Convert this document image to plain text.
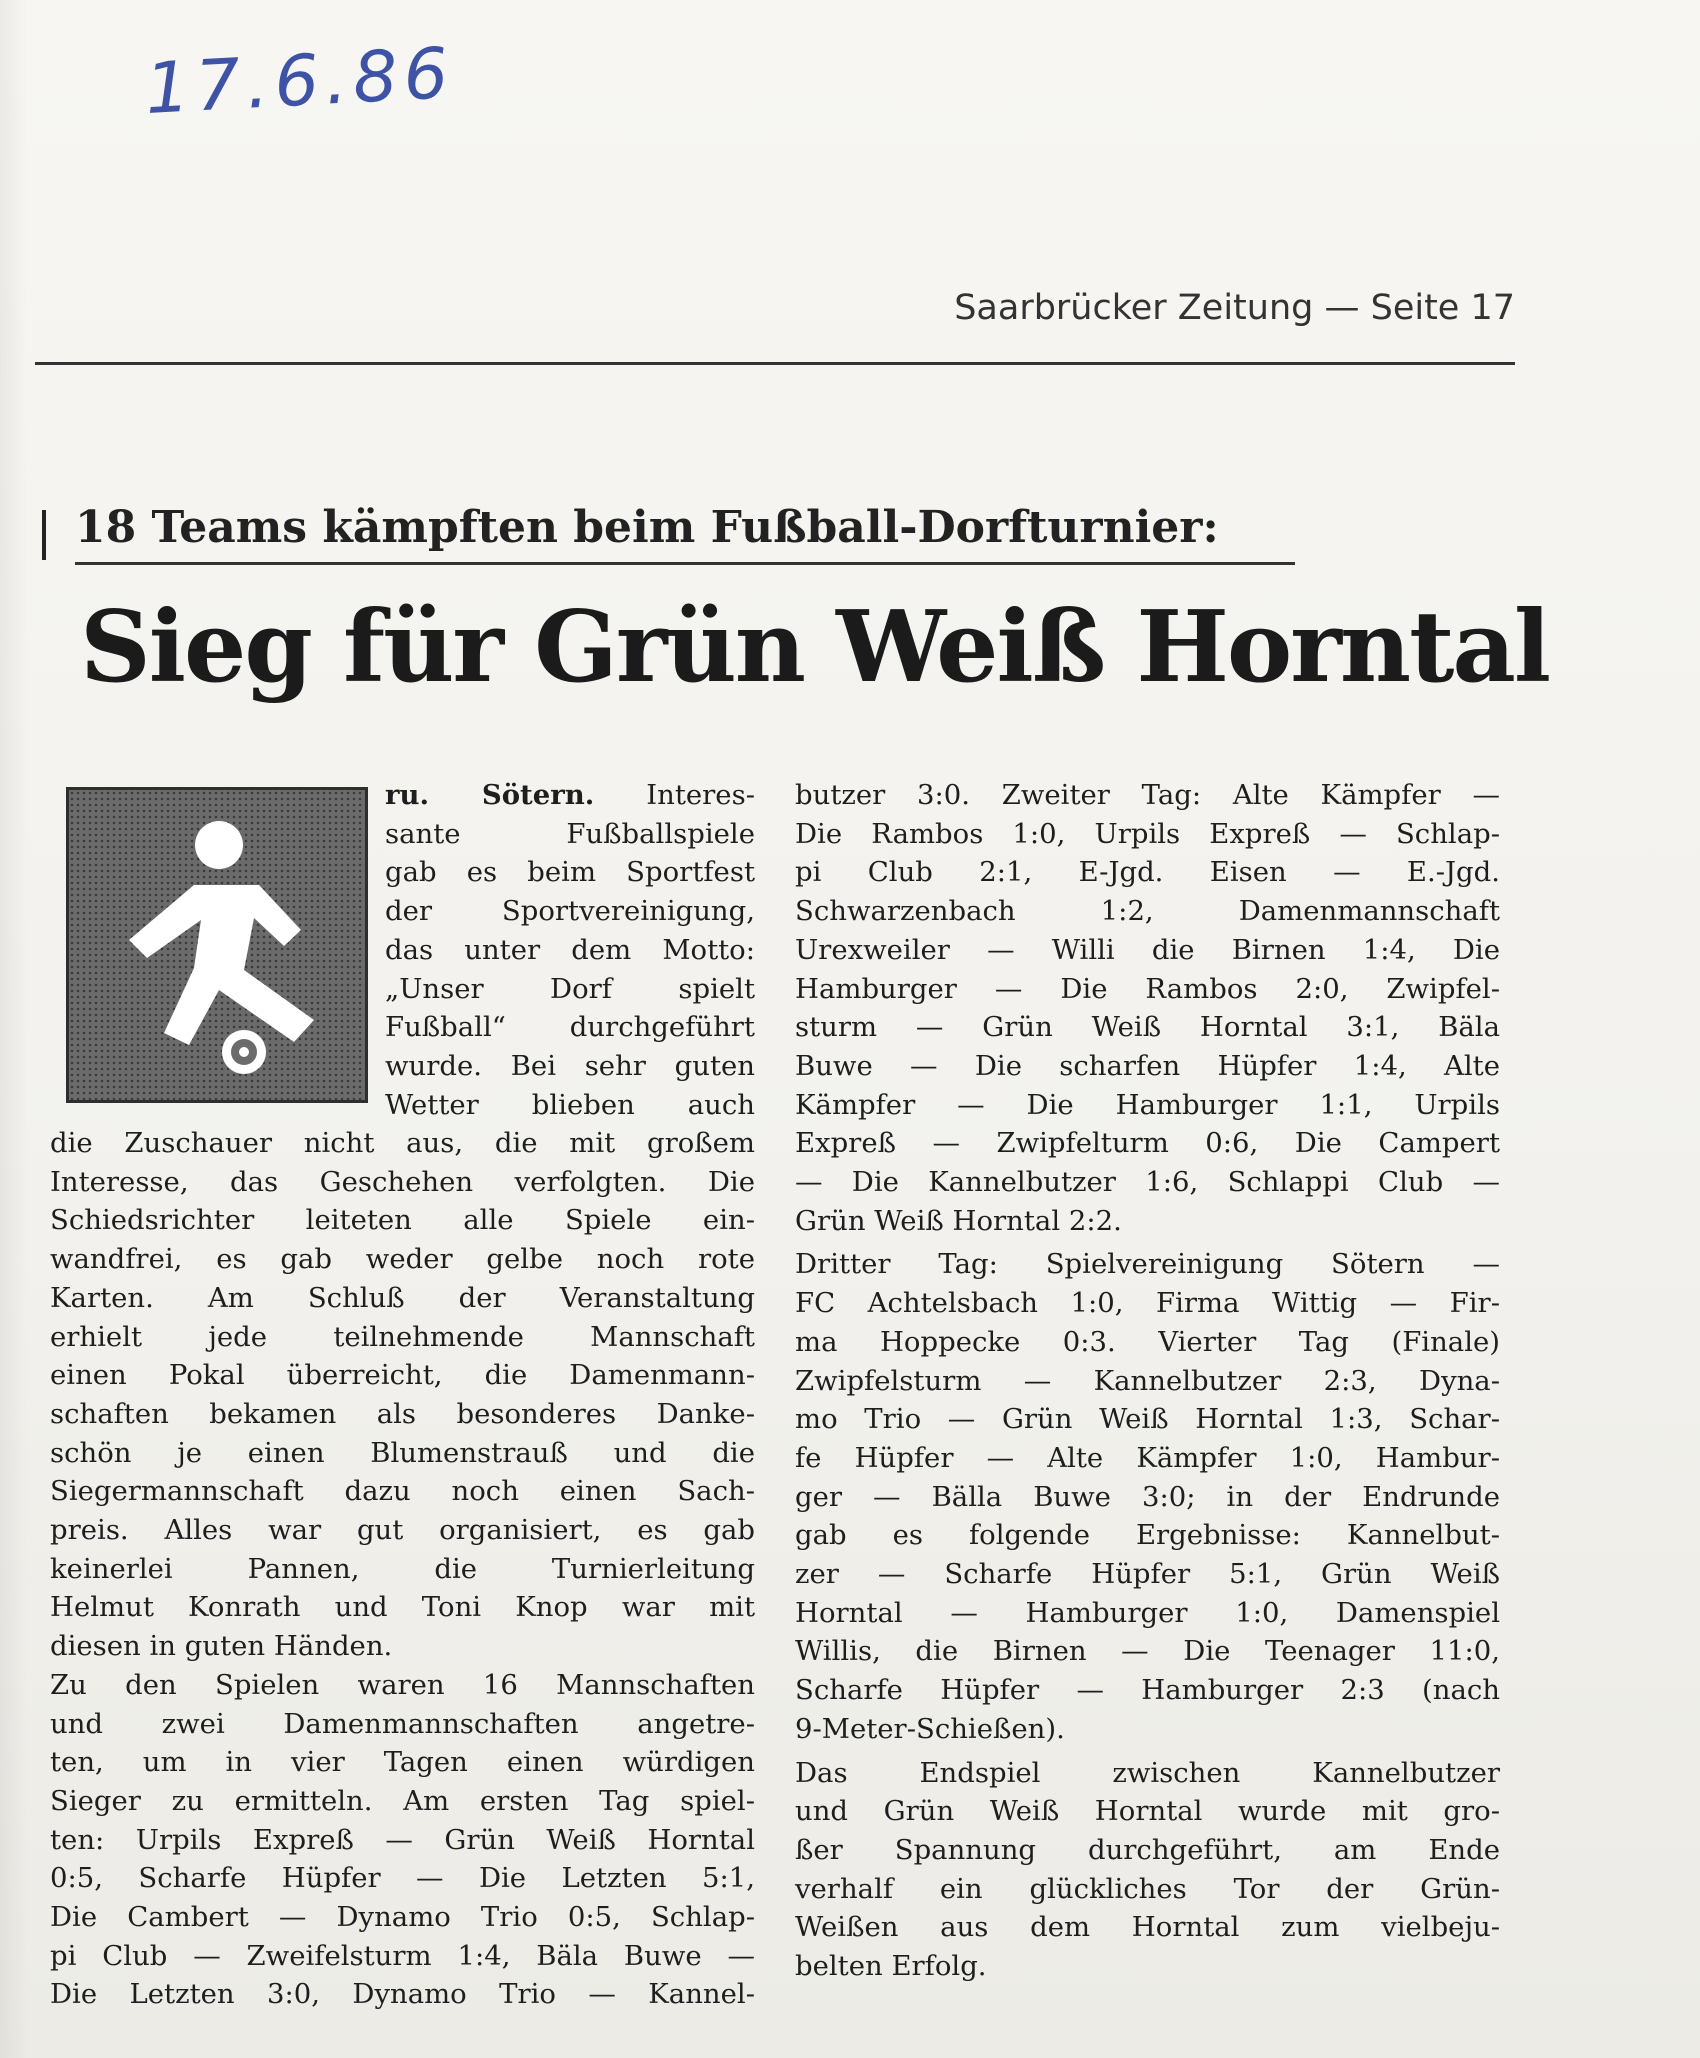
17.6.86
Saarbrücker Zeitung — Seite 17
18 Teams kämpften beim Fußball-Dorfturnier:
Sieg für Grün Weiß Horntal

ru. Sötern. Interes-

sante Fußballspiele

gab es beim Sportfest

der Sportvereinigung,

das unter dem Motto:

„Unser Dorf spielt

Fußball“ durchgeführt

wurde. Bei sehr guten

Wetter blieben auch

die Zuschauer nicht aus, die mit großem

Interesse, das Geschehen verfolgten. Die

Schiedsrichter leiteten alle Spiele ein-

wandfrei, es gab weder gelbe noch rote

Karten. Am Schluß der Veranstaltung

erhielt jede teilnehmende Mannschaft

einen Pokal überreicht, die Damenmann-

schaften bekamen als besonderes Danke-

schön je einen Blumenstrauß und die

Siegermannschaft dazu noch einen Sach-

preis. Alles war gut organisiert, es gab

keinerlei Pannen, die Turnierleitung

Helmut Konrath und Toni Knop war mit

diesen in guten Händen.

Zu den Spielen waren 16 Mannschaften

und zwei Damenmannschaften angetre-

ten, um in vier Tagen einen würdigen

Sieger zu ermitteln. Am ersten Tag spiel-

ten: Urpils Expreß — Grün Weiß Horntal

0:5, Scharfe Hüpfer — Die Letzten 5:1,

Die Cambert — Dynamo Trio 0:5, Schlap-

pi Club — Zweifelsturm 1:4, Bäla Buwe —

Die Letzten 3:0, Dynamo Trio — Kannel-

butzer 3:0. Zweiter Tag: Alte Kämpfer —

Die Rambos 1:0, Urpils Expreß — Schlap-

pi Club 2:1, E-Jgd. Eisen — E.-Jgd.

Schwarzenbach 1:2, Damenmannschaft

Urexweiler — Willi die Birnen 1:4, Die

Hamburger — Die Rambos 2:0, Zwipfel-

sturm — Grün Weiß Horntal 3:1, Bäla

Buwe — Die scharfen Hüpfer 1:4, Alte

Kämpfer — Die Hamburger 1:1, Urpils

Expreß — Zwipfelturm 0:6, Die Campert

— Die Kannelbutzer 1:6, Schlappi Club —

Grün Weiß Horntal 2:2.

Dritter Tag: Spielvereinigung Sötern —

FC Achtelsbach 1:0, Firma Wittig — Fir-

ma Hoppecke 0:3. Vierter Tag (Finale)

Zwipfelsturm — Kannelbutzer 2:3, Dyna-

mo Trio — Grün Weiß Horntal 1:3, Schar-

fe Hüpfer — Alte Kämpfer 1:0, Hambur-

ger — Bälla Buwe 3:0; in der Endrunde

gab es folgende Ergebnisse: Kannelbut-

zer — Scharfe Hüpfer 5:1, Grün Weiß

Horntal — Hamburger 1:0, Damenspiel

Willis, die Birnen — Die Teenager 11:0,

Scharfe Hüpfer — Hamburger 2:3 (nach

9-Meter-Schießen).

Das Endspiel zwischen Kannelbutzer

und Grün Weiß Horntal wurde mit gro-

ßer Spannung durchgeführt, am Ende

verhalf ein glückliches Tor der Grün-

Weißen aus dem Horntal zum vielbeju-

belten Erfolg.
